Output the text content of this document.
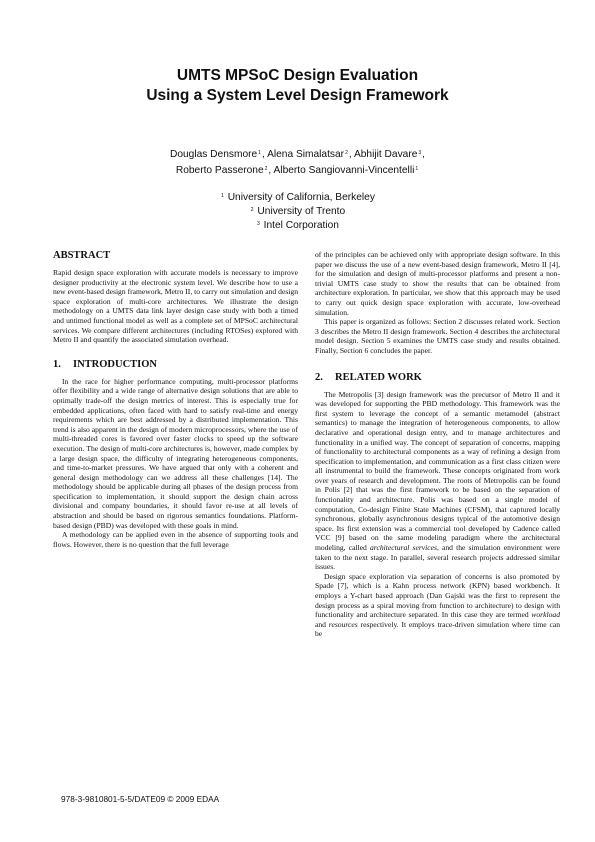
UMTS MPSoC Design Evaluation
Using a System Level Design Framework
Douglas Densmore$^1$, Alena Simalatsar$^2$, Abhijit Davare$^3$,
Roberto Passerone$^2$, Alberto Sangiovanni-Vincentelli$^1$
$^1$ University of California, Berkeley
$^2$ University of Trento
$^3$ Intel Corporation
ABSTRACT

Rapid design space exploration with accurate models is necessary to improve designer productivity at the electronic system level. We describe how to use a new event-based design framework, Metro II, to carry out simulation and design space exploration of multi-core architectures. We illustrate the design methodology on a UMTS data link layer design case study with both a timed and untimed functional model as well as a complete set of MPSoC architectural services. We compare different architectures (including RTOSes) explored with Metro II and quantify the associated simulation overhead.

1. INTRODUCTION

In the race for higher performance computing, multi-processor platforms offer flexibility and a wide range of alternative design solutions that are able to optimally trade-off the design metrics of interest. This is especially true for embedded applications, often faced with hard to satisfy real-time and energy requirements which are best addressed by a distributed implementation. This trend is also apparent in the design of modern microprocessors, where the use of multi-threaded cores is favored over faster clocks to speed up the software execution. The design of multi-core architectures is, however, made complex by a large design space, the difficulty of integrating heterogeneous components, and time-to-market pressures. We have argued that only with a coherent and general design methodology can we address all these challenges [14]. The methodology should be applicable during all phases of the design process from specification to implementation, it should support the design chain across divisional and company boundaries, it should favor re-use at all levels of abstraction and should be based on rigorous semantics foundations. Platform-based design (PBD) was developed with these goals in mind.

A methodology can be applied even in the absence of supporting tools and flows. However, there is no question that the full leverage

of the principles can be achieved only with appropriate design software. In this paper we discuss the use of a new event-based design framework, Metro II [4], for the simulation and design of multi-processor platforms and present a non-trivial UMTS case study to show the results that can be obtained from architecture exploration. In particular, we show that this approach may be used to carry out quick design space exploration with accurate, low-overhead simulation.

This paper is organized as follows: Section 2 discusses related work. Section 3 describes the Metro II design framework. Section 4 describes the architectural model design. Section 5 examines the UMTS case study and results obtained. Finally, Section 6 concludes the paper.

2. RELATED WORK

The Metropolis [3] design framework was the precursor of Metro II and it was developed for supporting the PBD methodology. This framework was the first system to leverage the concept of a semantic metamodel (abstract semantics) to manage the integration of heterogeneous components, to allow declarative and operational design entry, and to manage architectures and functionality in a unified way. The concept of separation of concerns, mapping of functionality to architectural components as a way of refining a design from specification to implementation, and communication as a first class citizen were all instrumental to build the framework. These concepts originated from work over years of research and development. The roots of Metropolis can be found in Polis [2] that was the first framework to be based on the separation of functionality and architecture. Polis was based on a single model of computation, Co-design Finite State Machines (CFSM), that captured locally synchronous, globally asynchronous designs typical of the automotive design space. Its first extension was a commercial tool developed by Cadence called VCC [9] based on the same modeling paradigm where the architectural modeling, called architectural services, and the simulation environment were taken to the next stage. In parallel, several research projects addressed similar issues.

Design space exploration via separation of concerns is also promoted by Spade [7], which is a Kahn process network (KPN) based workbench. It employs a Y-chart based approach (Dan Gajski was the first to represent the design process as a spiral moving from function to architecture) to design with functionality and architecture separated. In this case they are termed workload and resources respectively. It employs trace-driven simulation where time can be

978-3-9810801-5-5/DATE09 © 2009 EDAA
